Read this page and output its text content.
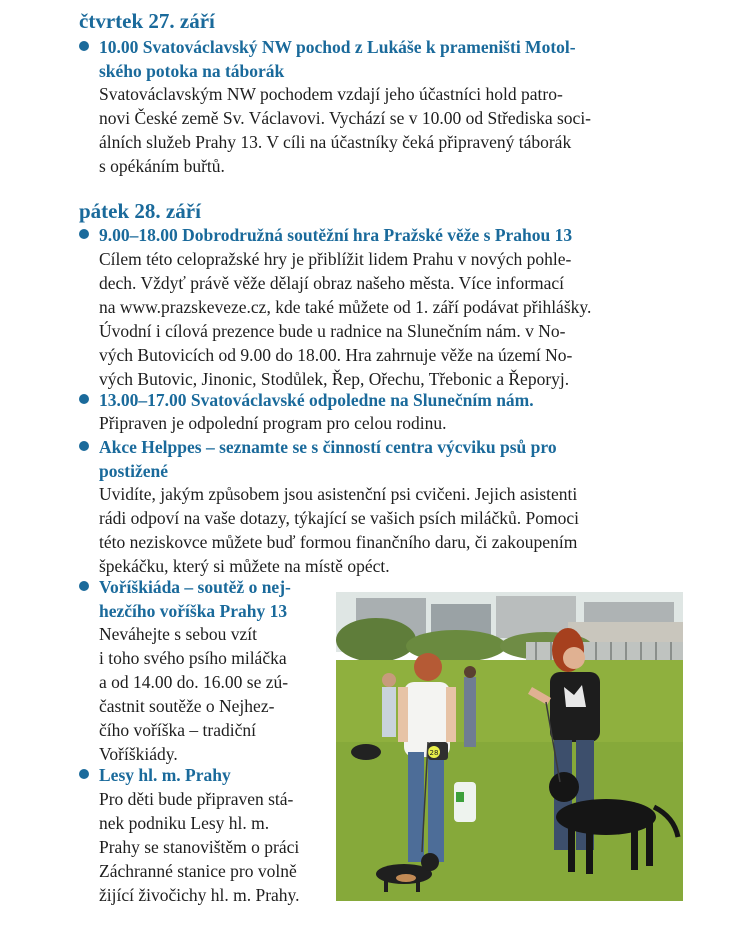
čtvrtek 27. září
10.00 Svatováclavský NW pochod z Lukáše k prameništi Motol-
ského potoka na táborák
Svatováclavským NW pochodem vzdají jeho účastníci hold patro-
novi České země Sv. Václavovi. Vychází se v 10.00 od Střediska soci-
álních služeb Prahy 13. V cíli na účastníky čeká připravený táborák
s opékáním buřtů.
pátek 28. září
9.00–18.00 Dobrodružná soutěžní hra Pražské věže s Prahou 13
Cílem této celopražské hry je přiblížit lidem Prahu v nových pohle-
dech. Vždyť právě věže dělají obraz našeho města. Více informací
na www.prazskeveze.cz, kde také můžete od 1. září podávat přihlášky.
Úvodní i cílová prezence bude u radnice na Slunečním nám. v No-
vých Butovicích od 9.00 do 18.00. Hra zahrnuje věže na území No-
vých Butovic, Jinonic, Stodůlek, Řep, Ořechu, Třebonic a Řeporyj.
13.00–17.00 Svatováclavské odpoledne na Slunečním nám.
Připraven je odpolední program pro celou rodinu.
Akce Helppes – seznamte se s činností centra výcviku psů pro
postižené
Uvidíte, jakým způsobem jsou asistenční psi cvičeni. Jejich asistenti
rádi odpoví na vaše dotazy, týkající se vašich psích miláčků. Pomoci
této neziskovce můžete buď formou finančního daru, či zakoupením
špekáčku, který si můžete na místě opéct.
Voříškiáda – soutěž o nej-
hezčího voříška Prahy 13
Neváhejte s sebou vzít
i toho svého psího miláčka
a od 14.00 do. 16.00 se zú-
častnit soutěže o Nejhez-
čího voříška – tradiční
Voříškiády.
Lesy hl. m. Prahy
Pro děti bude připraven stá-
nek podniku Lesy hl. m.
Prahy se stanovištěm o práci
Záchranné stanice pro volně
žijící živočichy hl. m. Prahy.
28
